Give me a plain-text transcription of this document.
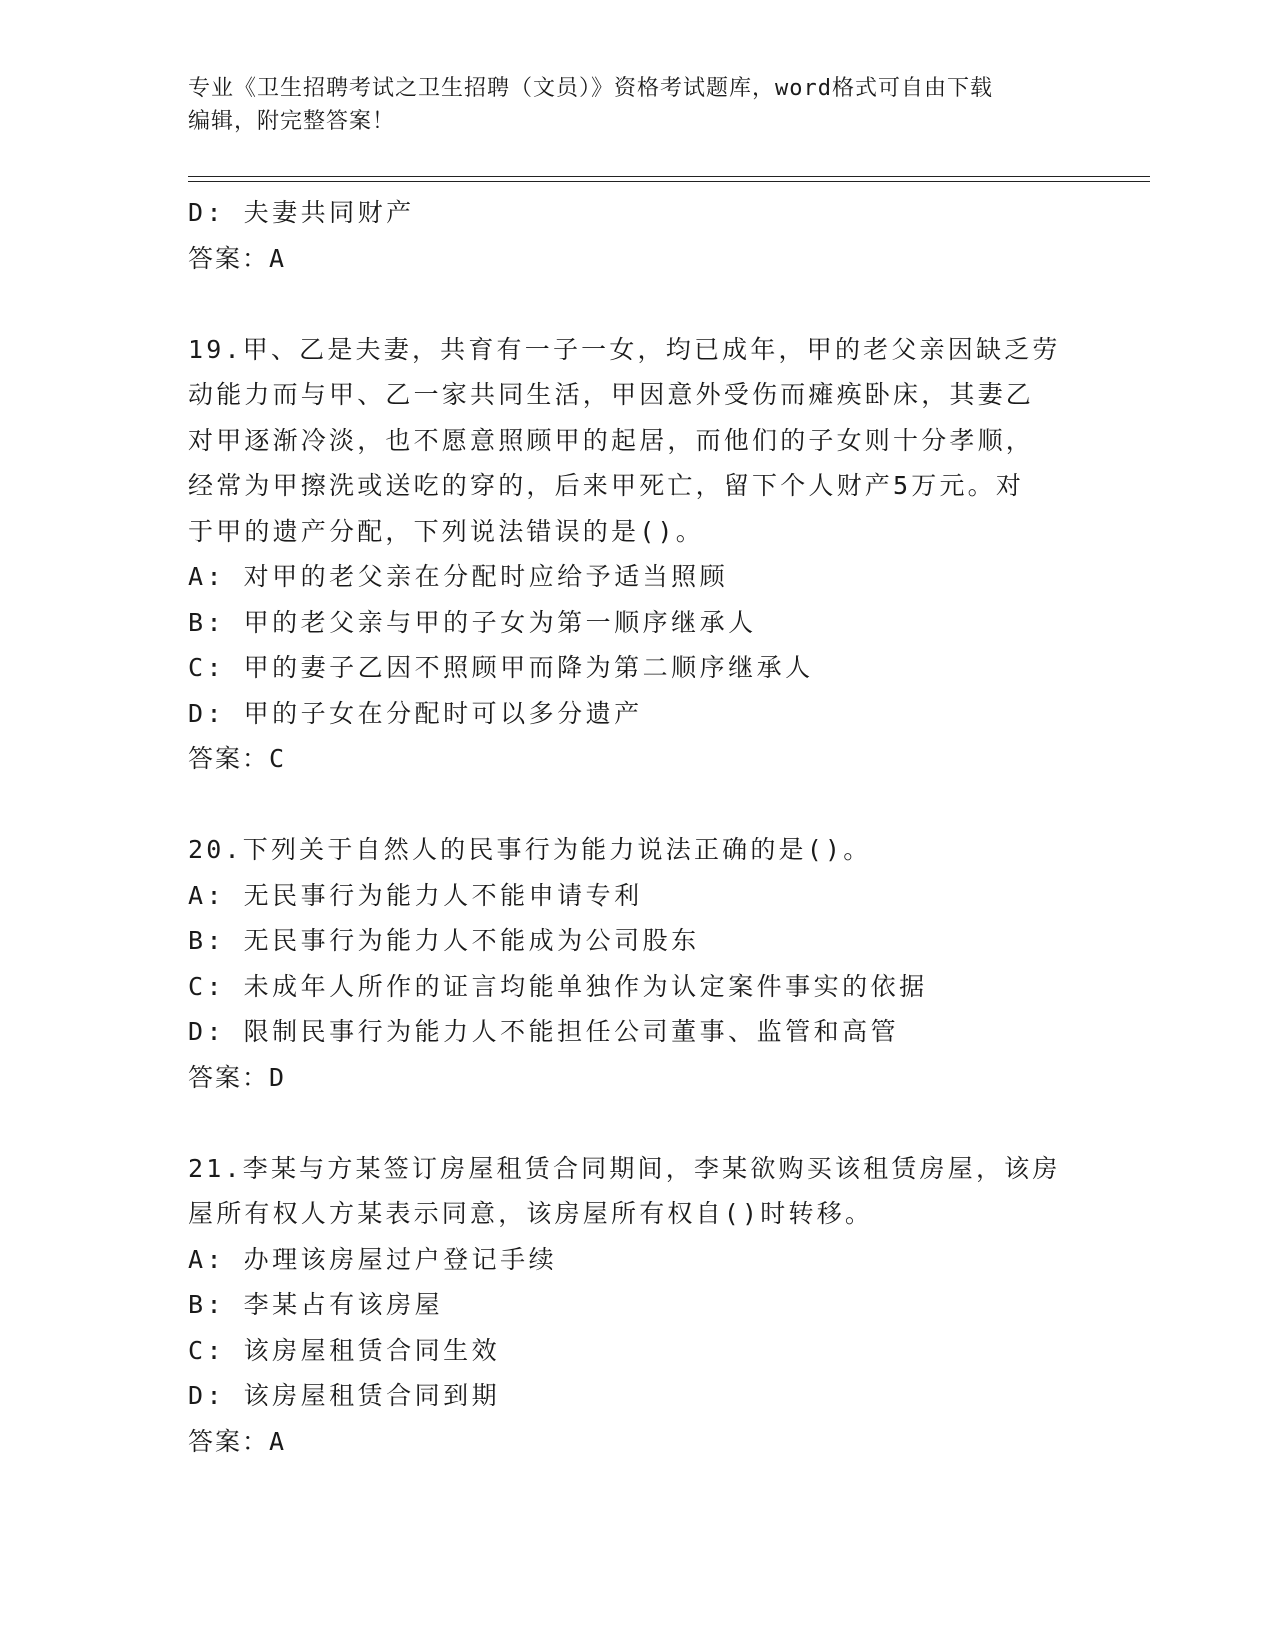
专业《卫生招聘考试之卫生招聘（文员）》资格考试题库，word格式可自由下载
编辑，附完整答案！
D: 夫妻共同财产
答案：A
19.甲、乙是夫妻，共育有一子一女，均已成年，甲的老父亲因缺乏劳
动能力而与甲、乙一家共同生活，甲因意外受伤而瘫痪卧床，其妻乙
对甲逐渐冷淡，也不愿意照顾甲的起居，而他们的子女则十分孝顺，
经常为甲擦洗或送吃的穿的，后来甲死亡，留下个人财产5万元。对
于甲的遗产分配，下列说法错误的是()。
A: 对甲的老父亲在分配时应给予适当照顾
B: 甲的老父亲与甲的子女为第一顺序继承人
C: 甲的妻子乙因不照顾甲而降为第二顺序继承人
D: 甲的子女在分配时可以多分遗产
答案：C
20.下列关于自然人的民事行为能力说法正确的是()。
A: 无民事行为能力人不能申请专利
B: 无民事行为能力人不能成为公司股东
C: 未成年人所作的证言均能单独作为认定案件事实的依据
D: 限制民事行为能力人不能担任公司董事、监管和高管
答案：D
21.李某与方某签订房屋租赁合同期间，李某欲购买该租赁房屋，该房
屋所有权人方某表示同意，该房屋所有权自()时转移。
A: 办理该房屋过户登记手续
B: 李某占有该房屋
C: 该房屋租赁合同生效
D: 该房屋租赁合同到期
答案：A
